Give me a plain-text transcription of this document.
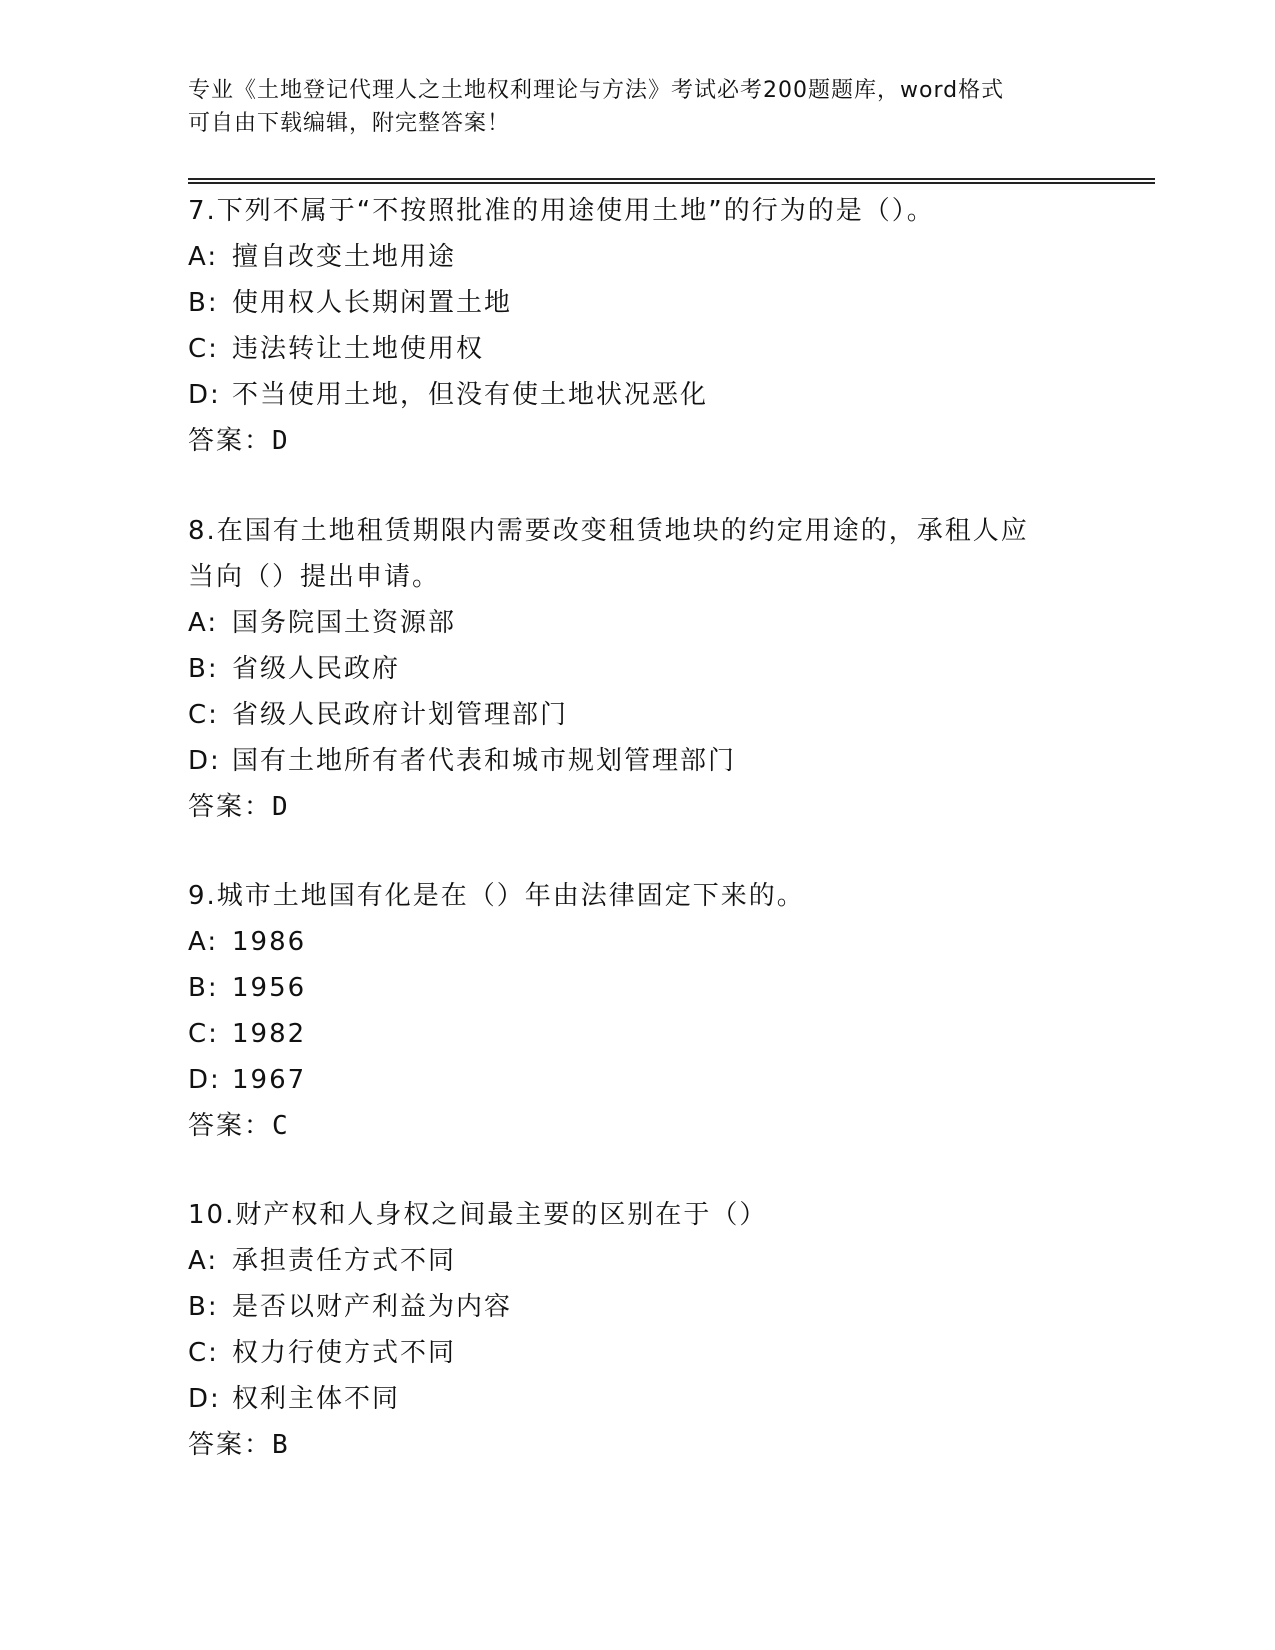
专业《土地登记代理人之土地权利理论与方法》考试必考200题题库，word格式

可自由下载编辑，附完整答案！

7.下列不属于“不按照批准的用途使用土地”的行为的是（）。

A: 擅自改变土地用途

B: 使用权人长期闲置土地

C: 违法转让土地使用权

D: 不当使用土地，但没有使土地状况恶化

答案：D

8.在国有土地租赁期限内需要改变租赁地块的约定用途的，承租人应

当向（）提出申请。

A: 国务院国土资源部

B: 省级人民政府

C: 省级人民政府计划管理部门

D: 国有土地所有者代表和城市规划管理部门

答案：D

9.城市土地国有化是在（）年由法律固定下来的。

A: 1986

B: 1956

C: 1982

D: 1967

答案：C

10.财产权和人身权之间最主要的区别在于（）

A: 承担责任方式不同

B: 是否以财产利益为内容

C: 权力行使方式不同

D: 权利主体不同

答案：B
